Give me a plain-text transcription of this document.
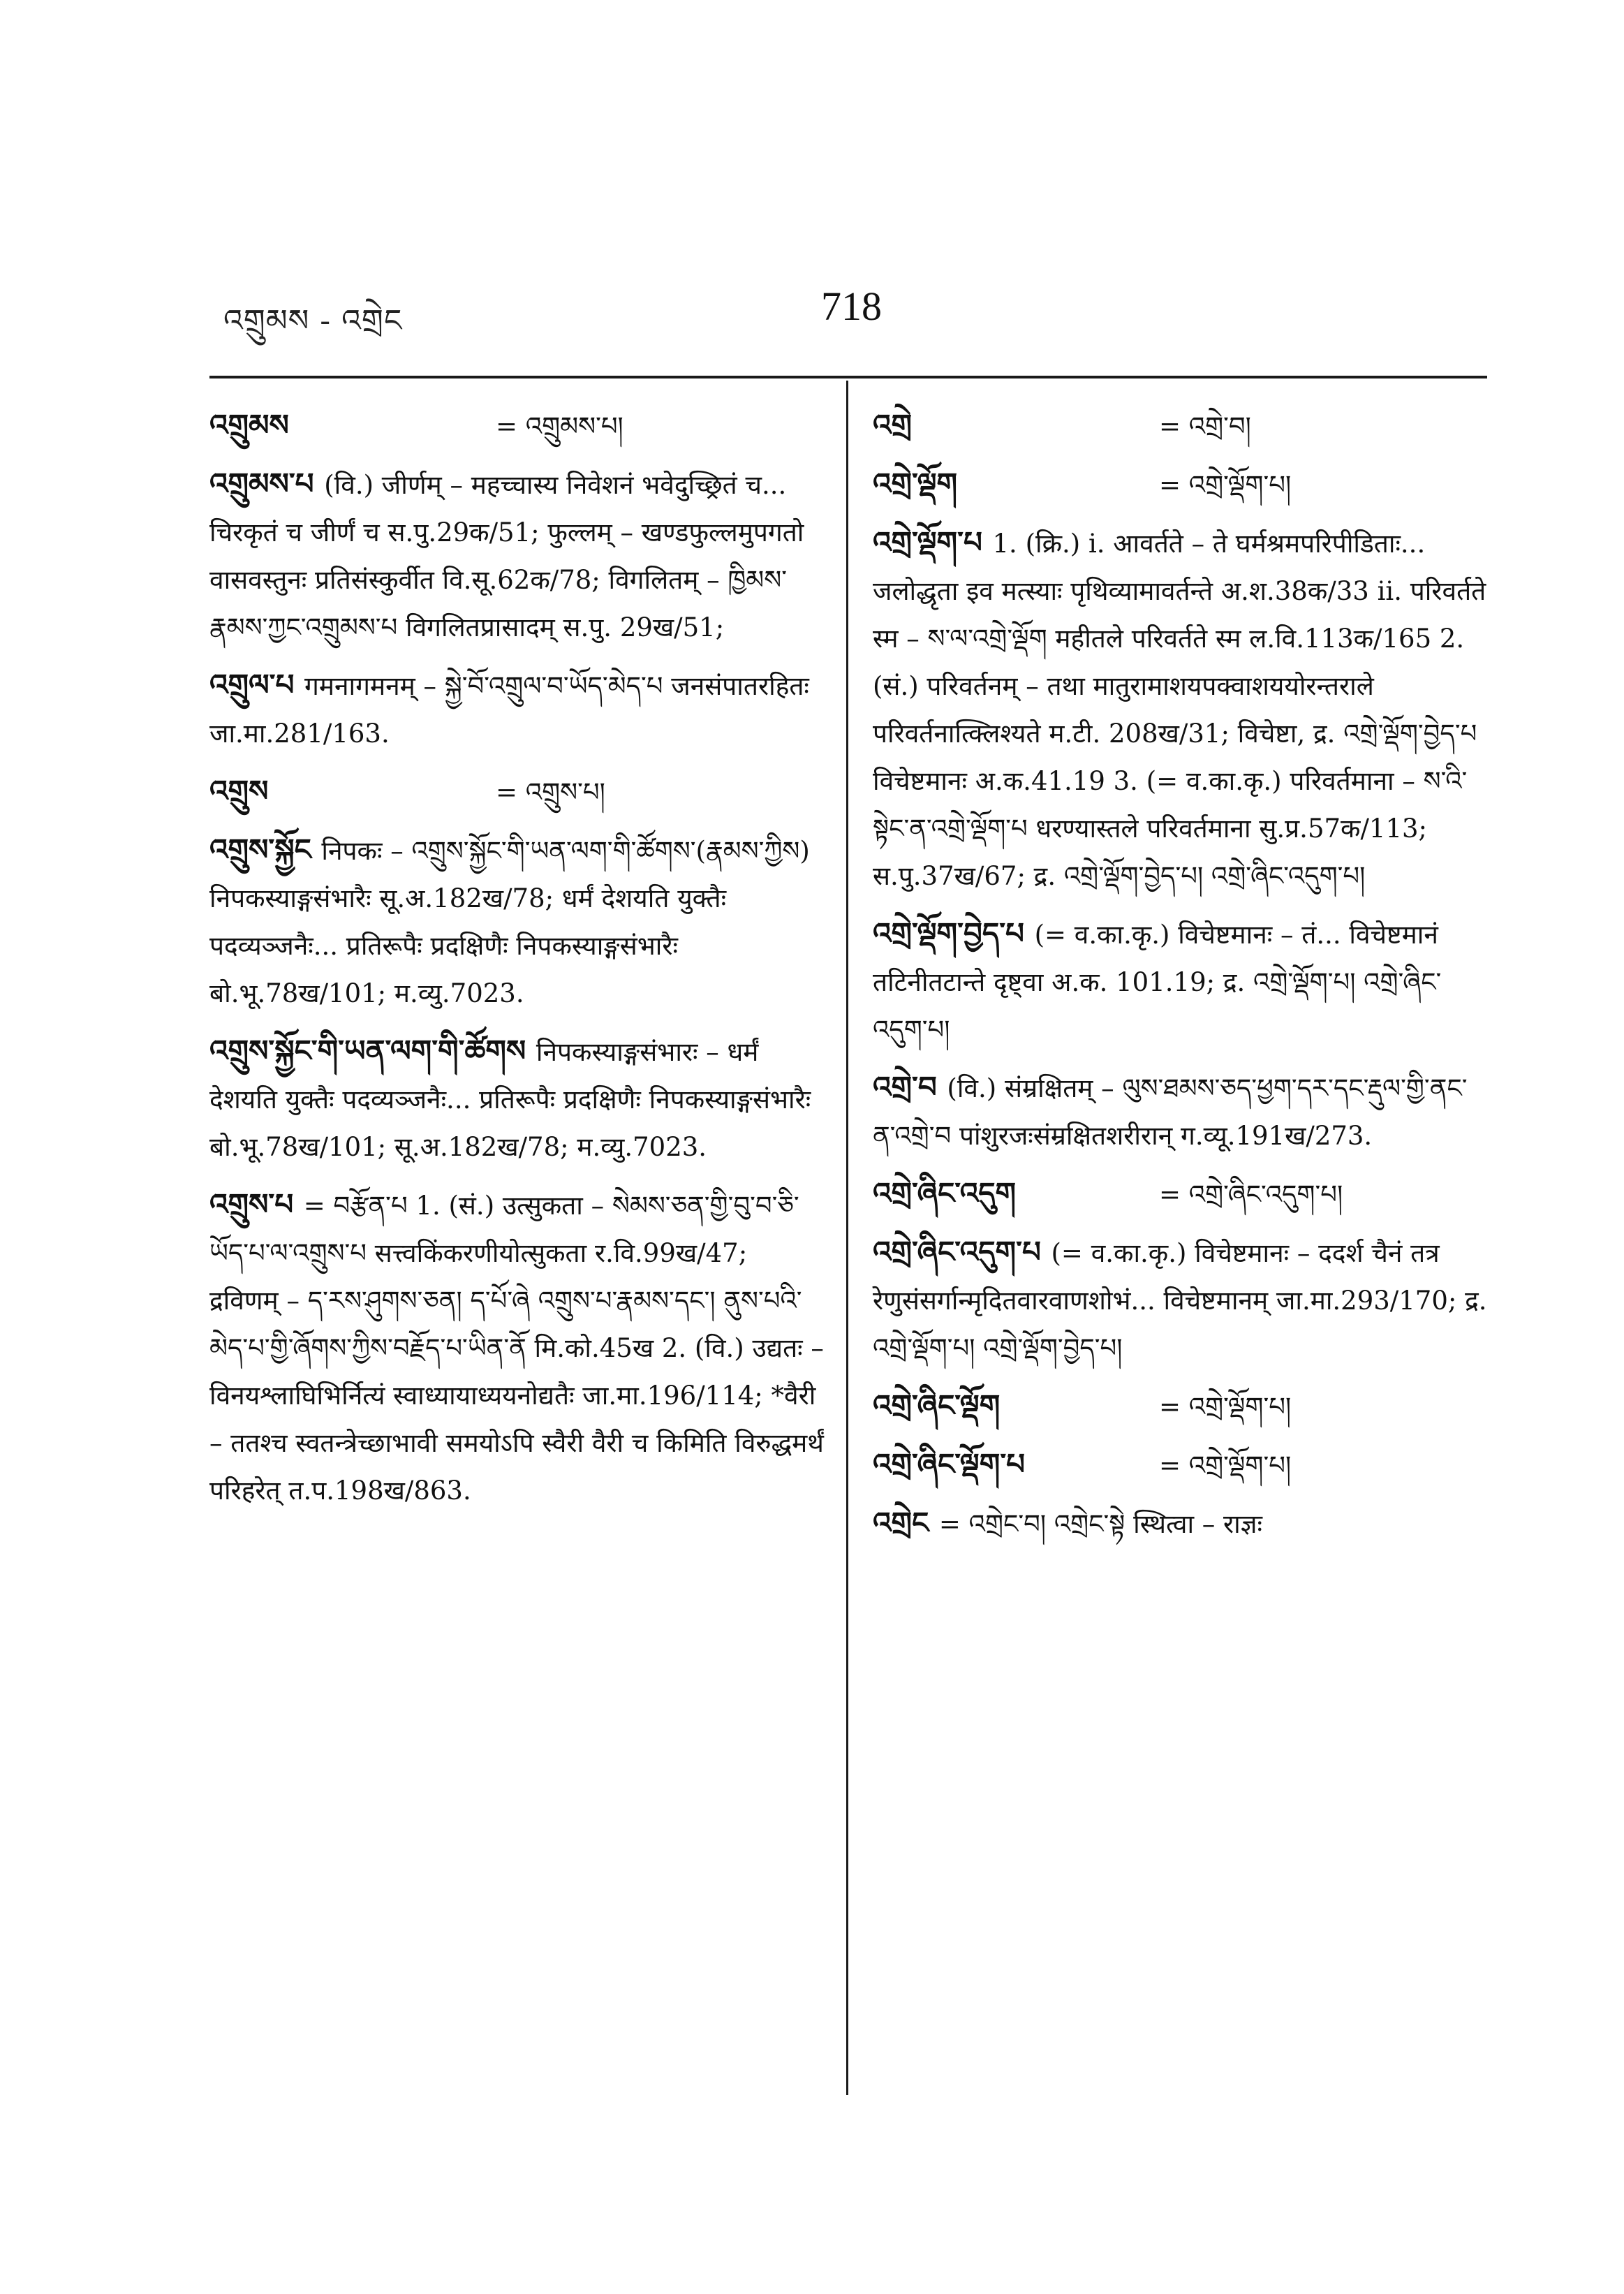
འགྲུམས - འགྲེང	718
འགྲུམས	= འགྲུམས་པ།
འགྲུམས་པ (वि.) जीर्णम् – महच्चास्य निवेशनं भवेदुच्छ्रितं च... चिरकृतं च जीर्णं च स.पु.29क/51; फुल्लम् – खण्डफुल्लमुपगतो वासवस्तुनः प्रतिसंस्कुर्वीत वि.सू.62क/78; विगलितम् – ཁྱིམས་རྣམས་ཀྱང་འགྲུམས་པ विगलितप्रासादम् स.पु. 29ख/51;
འགྲུལ་པ गमनागमनम् – སྐྱེ་བོ་འགྲུལ་བ་ཡོད་མེད་པ जनसंपातरहितः जा.मा.281/163.
འགྲུས	= འགྲུས་པ།
འགྲུས་སྐྱོང निपकः – འགྲུས་སྐྱོང་གི་ཡན་ལག་གི་ཚོགས་(རྣམས་ཀྱིས) निपकस्याङ्गसंभारैः सू.अ.182ख/78; धर्मं देशयति युक्तैः पदव्यञ्जनैः... प्रतिरूपैः प्रदक्षिणैः निपकस्याङ्गसंभारैः बो.भू.78ख/101; म.व्यु.7023.
འགྲུས་སྐྱོང་གི་ཡན་ལག་གི་ཚོགས निपकस्याङ्गसंभारः – धर्मं देशयति युक्तैः पदव्यञ्जनैः... प्रतिरूपैः प्रदक्षिणैः निपकस्याङ्गसंभारैः बो.भू.78ख/101; सू.अ.182ख/78; म.व्यु.7023.
འགྲུས་པ = བརྩོན་པ 1. (सं.) उत्सुकता – སེམས་ཅན་གྱི་བུ་བ་ཅི་ཡོད་པ་ལ་འགྲུས་པ सत्त्वकिंकरणीयोत्सुकता र.वि.99ख/47; द्रविणम् – ད་རས་ཤུགས་ཅན། ད་པོ་ཞེ འགྲུས་པ་རྣམས་དང་། ནུས་པའི་མེད་པ་གྱི་ཞོགས་ཀྱིས་བརྗོད་པ་ཡིན་ནོ मि.को.45ख 2. (वि.) उद्यतः – विनयश्लाघिभिर्नित्यं स्वाध्यायाध्ययनोद्यतैः जा.मा.196/114; *वैरी – ततश्च स्वतन्त्रेच्छाभावी समयोऽपि स्वैरी वैरी च किमिति विरुद्धमर्थं परिहरेत् त.प.198ख/863.
འགྲེ	= འགྲེ་བ།
འགྲེ་ལྡོག	= འགྲེ་ལྡོག་པ།
འགྲེ་ལྡོག་པ 1. (क्रि.) i. आवर्तते – ते घर्मश्रमपरिपीडिताः... जलोद्धृता इव मत्स्याः पृथिव्यामावर्तन्ते अ.श.38क/33 ii. परिवर्तते स्म – ས་ལ་འགྲེ་ལྡོག महीतले परिवर्तते स्म ल.वि.113क/165 2. (सं.) परिवर्तनम् – तथा मातुरामाशयपक्वाशययोरन्तराले परिवर्तनात्क्लिश्यते म.टी. 208ख/31; विचेष्टा, द्र. འགྲེ་ལྡོག་བྱེད་པ विचेष्टमानः अ.क.41.19 3. (= व.का.कृ.) परिवर्तमाना – ས་འི་སྟེང་ན་འགྲེ་ལྡོག་པ धरण्यास्तले परिवर्तमाना सु.प्र.57क/113; स.पु.37ख/67; द्र. འགྲེ་ལྡོག་བྱེད་པ། འགྲེ་ཞིང་འདུག་པ།
འགྲེ་ལྡོག་བྱེད་པ (= व.का.कृ.) विचेष्टमानः – तं... विचेष्टमानं तटिनीतटान्ते दृष्ट्वा अ.क. 101.19; द्र. འགྲེ་ལྡོག་པ། འགྲེ་ཞིང་འདུག་པ།
འགྲེ་བ (वि.) संम्रक्षितम् – ལུས་ཐམས་ཅད་ཕྱག་དར་དང་རྡུལ་གྱི་ནང་ན་འགྲེ་བ पांशुरजःसंम्रक्षितशरीरान् ग.व्यू.191ख/273.
འགྲེ་ཞིང་འདུག	= འགྲེ་ཞིང་འདུག་པ།
འགྲེ་ཞིང་འདུག་པ (= व.का.कृ.) विचेष्टमानः – ददर्श चैनं तत्र रेणुसंसर्गान्मृदितवारवाणशोभं... विचेष्टमानम् जा.मा.293/170; द्र. འགྲེ་ལྡོག་པ། འགྲེ་ལྡོག་བྱེད་པ།
འགྲེ་ཞིང་ལྡོག	= འགྲེ་ལྡོག་པ།
འགྲེ་ཞིང་ལྡོག་པ	= འགྲེ་ལྡོག་པ།
འགྲེང = འགྲེང་བ། འགྲེང་སྟེ स्थित्वा – राज्ञः
